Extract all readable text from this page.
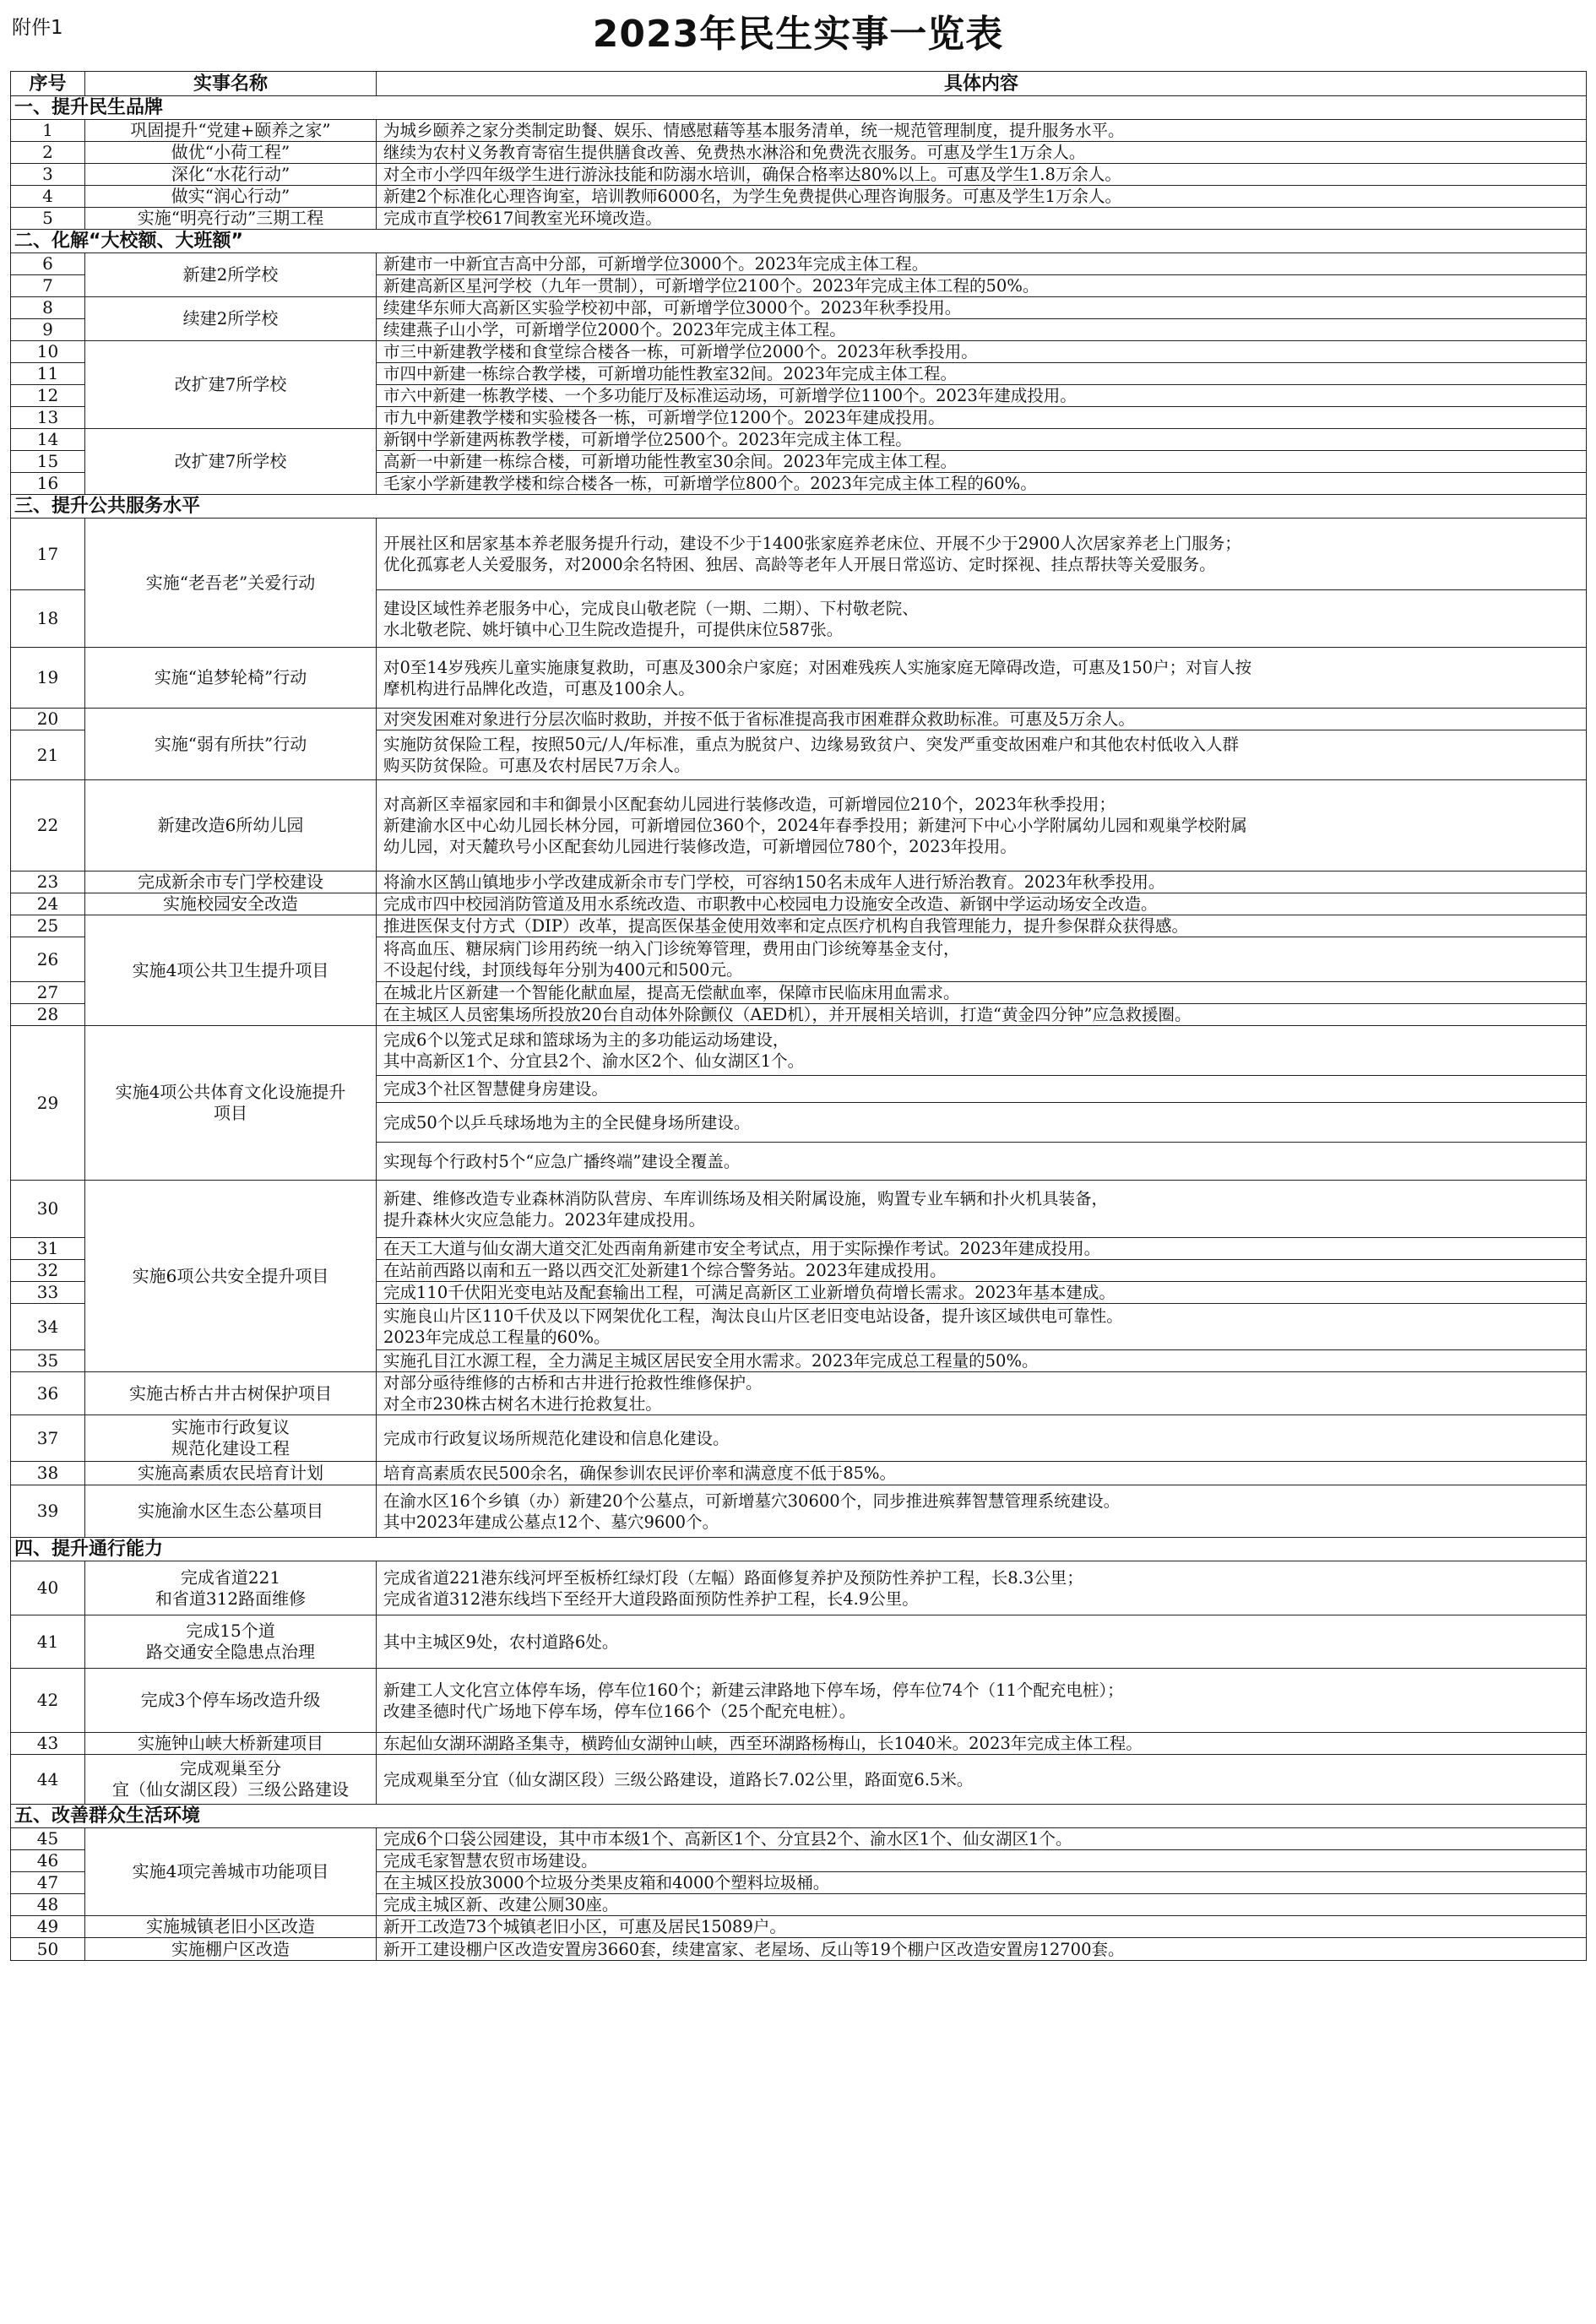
附件1	2023年民生实事一览表
序号	实事名称	具体内容
一、提升民生品牌		
1	巩固提升“党建+颐养之家”	为城乡颐养之家分类制定助餐、娱乐、情感慰藉等基本服务清单，统一规范管理制度，提升服务水平。

2	做优“小荷工程”	继续为农村义务教育寄宿生提供膳食改善、免费热水淋浴和免费洗衣服务。可惠及学生1万余人。

3	深化“水花行动”	对全市小学四年级学生进行游泳技能和防溺水培训，确保合格率达80%以上。可惠及学生1.8万余人。

4	做实“润心行动”	新建2个标准化心理咨询室，培训教师6000名，为学生免费提供心理咨询服务。可惠及学生1万余人。

5	实施“明亮行动”三期工程	完成市直学校617间教室光环境改造。

二、化解“大校额、大班额”		
6	新建2所学校	新建市一中新宜吉高中分部，可新增学位3000个。2023年完成主体工程。

7		新建高新区星河学校（九年一贯制），可新增学位2100个。2023年完成主体工程的50%。

8	续建2所学校	续建华东师大高新区实验学校初中部，可新增学位3000个。2023年秋季投用。

9		续建燕子山小学，可新增学位2000个。2023年完成主体工程。

10	改扩建7所学校	市三中新建教学楼和食堂综合楼各一栋，可新增学位2000个。2023年秋季投用。

11		市四中新建一栋综合教学楼，可新增功能性教室32间。2023年完成主体工程。

12		市六中新建一栋教学楼、一个多功能厅及标准运动场，可新增学位1100个。2023年建成投用。

13		市九中新建教学楼和实验楼各一栋，可新增学位1200个。2023年建成投用。

14	改扩建7所学校	新钢中学新建两栋教学楼，可新增学位2500个。2023年完成主体工程。

15		高新一中新建一栋综合楼，可新增功能性教室30余间。2023年完成主体工程。

16		毛家小学新建教学楼和综合楼各一栋，可新增学位800个。2023年完成主体工程的60%。

三、提升公共服务水平		
17	实施“老吾老”关爱行动	开展社区和居家基本养老服务提升行动，建设不少于1400张家庭养老床位、开展不少于2900人次居家养老上门服务；
优化孤寡老人关爱服务，对2000余名特困、独居、高龄等老年人开展日常巡访、定时探视、挂点帮扶等关爱服务。

18		建设区域性养老服务中心，完成良山敬老院（一期、二期）、下村敬老院、
水北敬老院、姚圩镇中心卫生院改造提升，可提供床位587张。

19	实施“追梦轮椅”行动	对0至14岁残疾儿童实施康复救助，可惠及300余户家庭；对困难残疾人实施家庭无障碍改造，可惠及150户；对盲人按
摩机构进行品牌化改造，可惠及100余人。

20	实施“弱有所扶”行动	对突发困难对象进行分层次临时救助，并按不低于省标准提高我市困难群众救助标准。可惠及5万余人。

21		实施防贫保险工程，按照50元/人/年标准，重点为脱贫户、边缘易致贫户、突发严重变故困难户和其他农村低收入人群
购买防贫保险。可惠及农村居民7万余人。

22	新建改造6所幼儿园	对高新区幸福家园和丰和御景小区配套幼儿园进行装修改造，可新增园位210个，2023年秋季投用；
新建渝水区中心幼儿园长林分园，可新增园位360个，2024年春季投用；新建河下中心小学附属幼儿园和观巢学校附属
幼儿园，对天麓玖号小区配套幼儿园进行装修改造，可新增园位780个，2023年投用。

23	完成新余市专门学校建设	将渝水区鹄山镇地步小学改建成新余市专门学校，可容纳150名未成年人进行矫治教育。2023年秋季投用。

24	实施校园安全改造	完成市四中校园消防管道及用水系统改造、市职教中心校园电力设施安全改造、新钢中学运动场安全改造。

25	实施4项公共卫生提升项目	推进医保支付方式（DIP）改革，提高医保基金使用效率和定点医疗机构自我管理能力，提升参保群众获得感。

26		将高血压、糖尿病门诊用药统一纳入门诊统筹管理，费用由门诊统筹基金支付，
不设起付线，封顶线每年分别为400元和500元。

27		在城北片区新建一个智能化献血屋，提高无偿献血率，保障市民临床用血需求。

28		在主城区人员密集场所投放20台自动体外除颤仪（AED机），并开展相关培训，打造“黄金四分钟”应急救援圈。

29	实施4项公共体育文化设施提升
项目	完成6个以笼式足球和篮球场为主的多功能运动场建设，
其中高新区1个、分宜县2个、渝水区2个、仙女湖区1个。

		完成3个社区智慧健身房建设。

		完成50个以乒乓球场地为主的全民健身场所建设。

		实现每个行政村5个“应急广播终端”建设全覆盖。

30	实施6项公共安全提升项目	新建、维修改造专业森林消防队营房、车库训练场及相关附属设施，购置专业车辆和扑火机具装备，
提升森林火灾应急能力。2023年建成投用。

31		在天工大道与仙女湖大道交汇处西南角新建市安全考试点，用于实际操作考试。2023年建成投用。

32		在站前西路以南和五一路以西交汇处新建1个综合警务站。2023年建成投用。

33		完成110千伏阳光变电站及配套输出工程，可满足高新区工业新增负荷增长需求。2023年基本建成。

34		实施良山片区110千伏及以下网架优化工程，淘汰良山片区老旧变电站设备，提升该区域供电可靠性。
2023年完成总工程量的60%。

35		实施孔目江水源工程，全力满足主城区居民安全用水需求。2023年完成总工程量的50%。

36	实施古桥古井古树保护项目	对部分亟待维修的古桥和古井进行抢救性维修保护。
对全市230株古树名木进行抢救复壮。

37	实施市行政复议
规范化建设工程	完成市行政复议场所规范化建设和信息化建设。

38	实施高素质农民培育计划	培育高素质农民500余名，确保参训农民评价率和满意度不低于85%。

39	实施渝水区生态公墓项目	在渝水区16个乡镇（办）新建20个公墓点，可新增墓穴30600个，同步推进殡葬智慧管理系统建设。
其中2023年建成公墓点12个、墓穴9600个。

四、提升通行能力		
40	完成省道221
和省道312路面维修	完成省道221港东线河坪至板桥红绿灯段（左幅）路面修复养护及预防性养护工程，长8.3公里；
完成省道312港东线垱下至经开大道段路面预防性养护工程，长4.9公里。

41	完成15个道
路交通安全隐患点治理	其中主城区9处，农村道路6处。

42	完成3个停车场改造升级	新建工人文化宫立体停车场，停车位160个；新建云津路地下停车场，停车位74个（11个配充电桩）；
改建圣德时代广场地下停车场，停车位166个（25个配充电桩）。

43	实施钟山峡大桥新建项目	东起仙女湖环湖路圣集寺，横跨仙女湖钟山峡，西至环湖路杨梅山，长1040米。2023年完成主体工程。

44	完成观巢至分
宜（仙女湖区段）三级公路建设	完成观巢至分宜（仙女湖区段）三级公路建设，道路长7.02公里，路面宽6.5米。

五、改善群众生活环境		
45	实施4项完善城市功能项目	完成6个口袋公园建设，其中市本级1个、高新区1个、分宜县2个、渝水区1个、仙女湖区1个。

46		完成毛家智慧农贸市场建设。

47		在主城区投放3000个垃圾分类果皮箱和4000个塑料垃圾桶。

48		完成主城区新、改建公厕30座。

49	实施城镇老旧小区改造	新开工改造73个城镇老旧小区，可惠及居民15089户。

50	实施棚户区改造	新开工建设棚户区改造安置房3660套，续建富家、老屋场、反山等19个棚户区改造安置房12700套。
